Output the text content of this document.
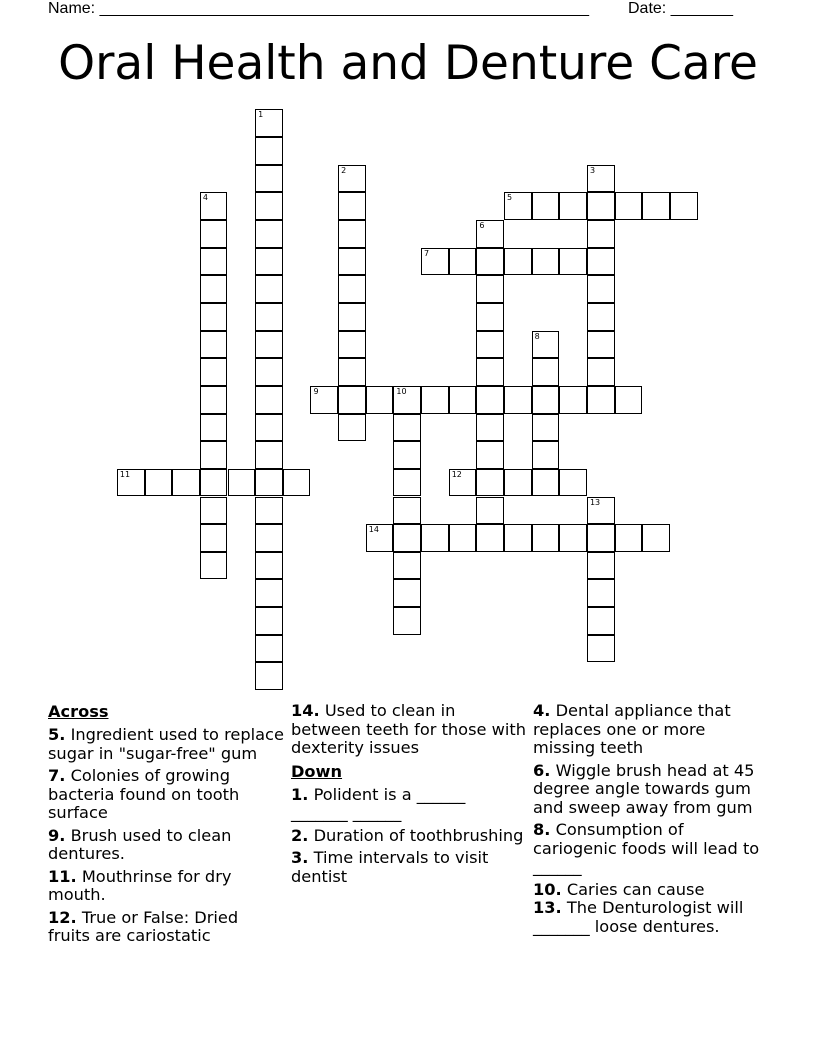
Name: _______________________________________________________ Date: _______
Oral Health and Denture Care
1
2	3
4	5
6
7
8
9	10
11	12
13
14
Across

5. Ingredient used to replace sugar in "sugar-free" gum

7. Colonies of growing bacteria found on tooth surface

9. Brush used to clean dentures.

11. Mouthrinse for dry mouth.

12. True or False: Dried fruits are cariostatic

14. Used to clean in between teeth for those with dexterity issues

Down

1. Polident is a ______ _______ ______

2. Duration of toothbrushing

3. Time intervals to visit dentist

4. Dental appliance that replaces one or more missing teeth

6. Wiggle brush head at 45 degree angle towards gum and sweep away from gum

8. Consumption of cariogenic foods will lead to ______

10. Caries can cause

13. The Denturologist will _______ loose dentures.
